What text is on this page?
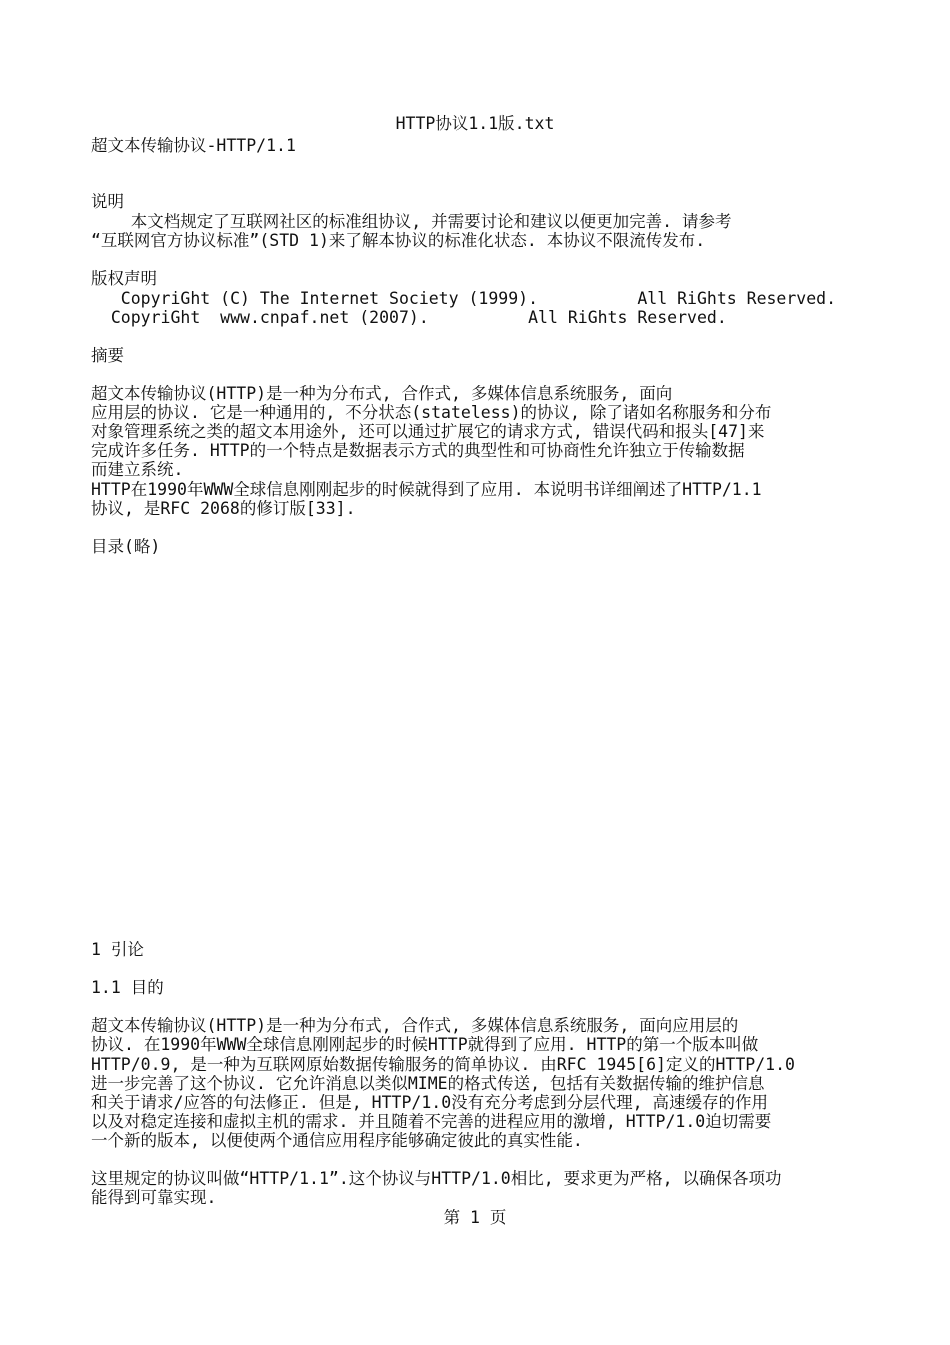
HTTP协议1.1版.txt
超文本传输协议-HTTP/1.1
说明
本文档规定了互联网社区的标准组协议, 并需要讨论和建议以便更加完善. 请参考
“互联网官方协议标准”(STD 1)来了解本协议的标准化状态. 本协议不限流传发布.
版权声明
CopyriGht (C) The Internet Society (1999).          All RiGhts Reserved.
CopyriGht  www.cnpaf.net (2007).          All RiGhts Reserved.
摘要
超文本传输协议(HTTP)是一种为分布式, 合作式, 多媒体信息系统服务, 面向
应用层的协议. 它是一种通用的, 不分状态(stateless)的协议, 除了诸如名称服务和分布
对象管理系统之类的超文本用途外, 还可以通过扩展它的请求方式, 错误代码和报头[47]来
完成许多任务. HTTP的一个特点是数据表示方式的典型性和可协商性允许独立于传输数据
而建立系统.
HTTP在1990年WWW全球信息刚刚起步的时候就得到了应用. 本说明书详细阐述了HTTP/1.1
协议, 是RFC 2068的修订版[33].
目录(略)
1 引论
1.1 目的
超文本传输协议(HTTP)是一种为分布式, 合作式, 多媒体信息系统服务, 面向应用层的
协议. 在1990年WWW全球信息刚刚起步的时候HTTP就得到了应用. HTTP的第一个版本叫做
HTTP/0.9, 是一种为互联网原始数据传输服务的简单协议. 由RFC 1945[6]定义的HTTP/1.0
进一步完善了这个协议. 它允许消息以类似MIME的格式传送, 包括有关数据传输的维护信息
和关于请求/应答的句法修正. 但是, HTTP/1.0没有充分考虑到分层代理, 高速缓存的作用
以及对稳定连接和虚拟主机的需求. 并且随着不完善的进程应用的激增, HTTP/1.0迫切需要
一个新的版本, 以便使两个通信应用程序能够确定彼此的真实性能.
这里规定的协议叫做“HTTP/1.1”.这个协议与HTTP/1.0相比, 要求更为严格, 以确保各项功
能得到可靠实现.
第 1 页
